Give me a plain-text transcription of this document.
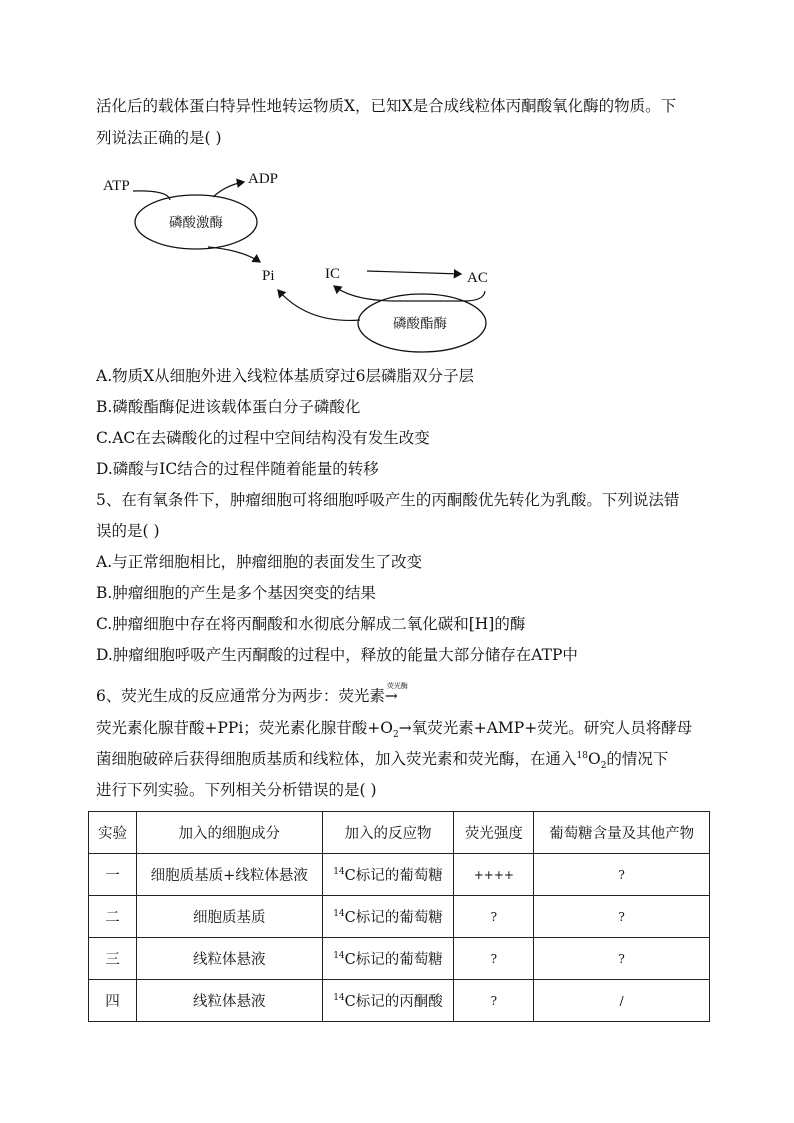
活化后的载体蛋白特异性地转运物质X，已知X是合成线粒体丙酮酸氧化酶的物质。下
列说法正确的是( )
ATP	ADP
磷酸激酶
Pi	IC	AC
磷酸酯酶
A.物质X从细胞外进入线粒体基质穿过6层磷脂双分子层
B.磷酸酯酶促进该载体蛋白分子磷酸化
C.AC在去磷酸化的过程中空间结构没有发生改变
D.磷酸与IC结合的过程伴随着能量的转移
5、在有氧条件下，肿瘤细胞可将细胞呼吸产生的丙酮酸优先转化为乳酸。下列说法错
误的是( )
A.与正常细胞相比，肿瘤细胞的表面发生了改变
B.肿瘤细胞的产生是多个基因突变的结果
C.肿瘤细胞中存在将丙酮酸和水彻底分解成二氧化碳和[H]的酶
D.肿瘤细胞呼吸产生丙酮酸的过程中，释放的能量大部分储存在ATP中
6、荧光生成的反应通常分为两步：荧光素
荧光酶
→
荧光素化腺苷酸+PPi；荧光素化腺苷酸$+O_2\to$氧荧光素+AMP+荧光。研究人员将酵母
菌细胞破碎后获得细胞质基质和线粒体，加入荧光素和荧光酶，在通入$^{18}O_2$的情况下
进行下列实验。下列相关分析错误的是( )
实验	加入的细胞成分	加入的反应物	荧光强度	葡萄糖含量及其他产物
一	细胞质基质+线粒体悬液	$^{14}$C标记的葡萄糖	++++	?
二	细胞质基质	$^{14}$C标记的葡萄糖	?	?
三	线粒体悬液	$^{14}$C标记的葡萄糖	?	?
四	线粒体悬液	$^{14}$C标记的丙酮酸	?	/
